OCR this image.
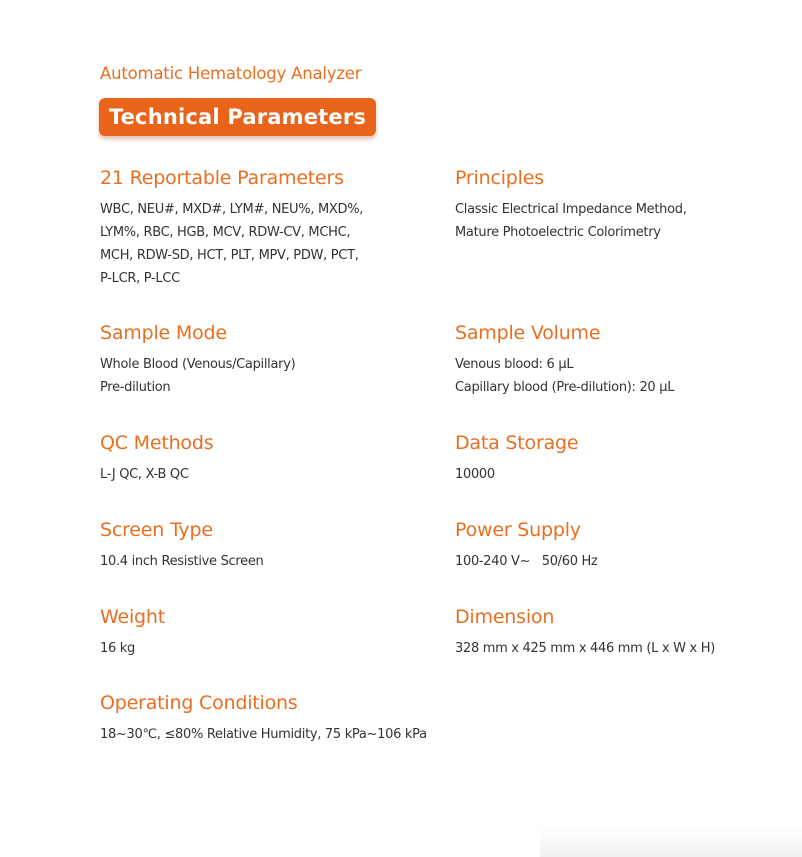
Automatic Hematology Analyzer
Technical Parameters
21 Reportable Parameters
WBC, NEU#, MXD#, LYM#, NEU%, MXD%,
LYM%, RBC, HGB, MCV, RDW-CV, MCHC,
MCH, RDW-SD, HCT, PLT, MPV, PDW, PCT,
P-LCR, P-LCC
Principles
Classic Electrical Impedance Method,
Mature Photoelectric Colorimetry
Sample Mode
Whole Blood (Venous/Capillary)
Pre-dilution
Sample Volume
Venous blood: 6 μL
Capillary blood (Pre-dilution): 20 μL
QC Methods
L-J QC, X-B QC
Data Storage
10000
Screen Type
10.4 inch Resistive Screen
Power Supply
100-240 V~   50/60 Hz
Weight
16 kg
Dimension
328 mm x 425 mm x 446 mm (L x W x H)
Operating Conditions
18~30℃, ≤80% Relative Humidity, 75 kPa~106 kPa
